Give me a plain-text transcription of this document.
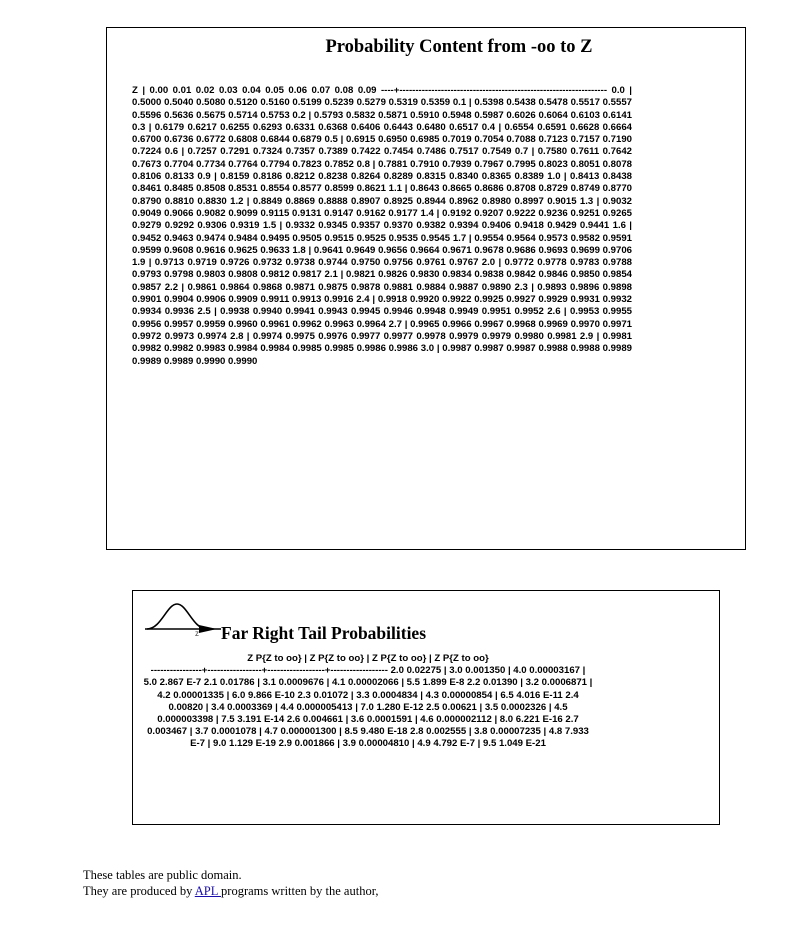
Probability Content from -oo to Z

Z | 0.00 0.01 0.02 0.03 0.04 0.05 0.06 0.07 0.08 0.09 ----+----------------------------------------------------------------- 0.0 | 0.5000 0.5040 0.5080 0.5120 0.5160 0.5199 0.5239 0.5279 0.5319 0.5359 0.1 | 0.5398 0.5438 0.5478 0.5517 0.5557 0.5596 0.5636 0.5675 0.5714 0.5753 0.2 | 0.5793 0.5832 0.5871 0.5910 0.5948 0.5987 0.6026 0.6064 0.6103 0.6141 0.3 | 0.6179 0.6217 0.6255 0.6293 0.6331 0.6368 0.6406 0.6443 0.6480 0.6517 0.4 | 0.6554 0.6591 0.6628 0.6664 0.6700 0.6736 0.6772 0.6808 0.6844 0.6879 0.5 | 0.6915 0.6950 0.6985 0.7019 0.7054 0.7088 0.7123 0.7157 0.7190 0.7224 0.6 | 0.7257 0.7291 0.7324 0.7357 0.7389 0.7422 0.7454 0.7486 0.7517 0.7549 0.7 | 0.7580 0.7611 0.7642 0.7673 0.7704 0.7734 0.7764 0.7794 0.7823 0.7852 0.8 | 0.7881 0.7910 0.7939 0.7967 0.7995 0.8023 0.8051 0.8078 0.8106 0.8133 0.9 | 0.8159 0.8186 0.8212 0.8238 0.8264 0.8289 0.8315 0.8340 0.8365 0.8389 1.0 | 0.8413 0.8438 0.8461 0.8485 0.8508 0.8531 0.8554 0.8577 0.8599 0.8621 1.1 | 0.8643 0.8665 0.8686 0.8708 0.8729 0.8749 0.8770 0.8790 0.8810 0.8830 1.2 | 0.8849 0.8869 0.8888 0.8907 0.8925 0.8944 0.8962 0.8980 0.8997 0.9015 1.3 | 0.9032 0.9049 0.9066 0.9082 0.9099 0.9115 0.9131 0.9147 0.9162 0.9177 1.4 | 0.9192 0.9207 0.9222 0.9236 0.9251 0.9265 0.9279 0.9292 0.9306 0.9319 1.5 | 0.9332 0.9345 0.9357 0.9370 0.9382 0.9394 0.9406 0.9418 0.9429 0.9441 1.6 | 0.9452 0.9463 0.9474 0.9484 0.9495 0.9505 0.9515 0.9525 0.9535 0.9545 1.7 | 0.9554 0.9564 0.9573 0.9582 0.9591 0.9599 0.9608 0.9616 0.9625 0.9633 1.8 | 0.9641 0.9649 0.9656 0.9664 0.9671 0.9678 0.9686 0.9693 0.9699 0.9706 1.9 | 0.9713 0.9719 0.9726 0.9732 0.9738 0.9744 0.9750 0.9756 0.9761 0.9767 2.0 | 0.9772 0.9778 0.9783 0.9788 0.9793 0.9798 0.9803 0.9808 0.9812 0.9817 2.1 | 0.9821 0.9826 0.9830 0.9834 0.9838 0.9842 0.9846 0.9850 0.9854 0.9857 2.2 | 0.9861 0.9864 0.9868 0.9871 0.9875 0.9878 0.9881 0.9884 0.9887 0.9890 2.3 | 0.9893 0.9896 0.9898 0.9901 0.9904 0.9906 0.9909 0.9911 0.9913 0.9916 2.4 | 0.9918 0.9920 0.9922 0.9925 0.9927 0.9929 0.9931 0.9932 0.9934 0.9936 2.5 | 0.9938 0.9940 0.9941 0.9943 0.9945 0.9946 0.9948 0.9949 0.9951 0.9952 2.6 | 0.9953 0.9955 0.9956 0.9957 0.9959 0.9960 0.9961 0.9962 0.9963 0.9964 2.7 | 0.9965 0.9966 0.9967 0.9968 0.9969 0.9970 0.9971 0.9972 0.9973 0.9974 2.8 | 0.9974 0.9975 0.9976 0.9977 0.9977 0.9978 0.9979 0.9979 0.9980 0.9981 2.9 | 0.9981 0.9982 0.9982 0.9983 0.9984 0.9984 0.9985 0.9985 0.9986 0.9986 3.0 | 0.9987 0.9987 0.9987 0.9988 0.9988 0.9989 0.9989 0.9989 0.9990 0.9990

z Far Right Tail Probabilities

Z P{Z to oo} | Z P{Z to oo} | Z P{Z to oo} | Z P{Z to oo}
----------------+-----------------+------------------+------------------ 2.0 0.02275 | 3.0 0.001350 | 4.0 0.00003167 | 5.0 2.867 E-7 2.1 0.01786 | 3.1 0.0009676 | 4.1 0.00002066 | 5.5 1.899 E-8 2.2 0.01390 | 3.2 0.0006871 | 4.2 0.00001335 | 6.0 9.866 E-10 2.3 0.01072 | 3.3 0.0004834 | 4.3 0.00000854 | 6.5 4.016 E-11 2.4 0.00820 | 3.4 0.0003369 | 4.4 0.000005413 | 7.0 1.280 E-12 2.5 0.00621 | 3.5 0.0002326 | 4.5 0.000003398 | 7.5 3.191 E-14 2.6 0.004661 | 3.6 0.0001591 | 4.6 0.000002112 | 8.0 6.221 E-16 2.7 0.003467 | 3.7 0.0001078 | 4.7 0.000001300 | 8.5 9.480 E-18 2.8 0.002555 | 3.8 0.00007235 | 4.8 7.933 E-7 | 9.0 1.129 E-19 2.9 0.001866 | 3.9 0.00004810 | 4.9 4.792 E-7 | 9.5 1.049 E-21

These tables are public domain.
They are produced by APL programs written by the author,
